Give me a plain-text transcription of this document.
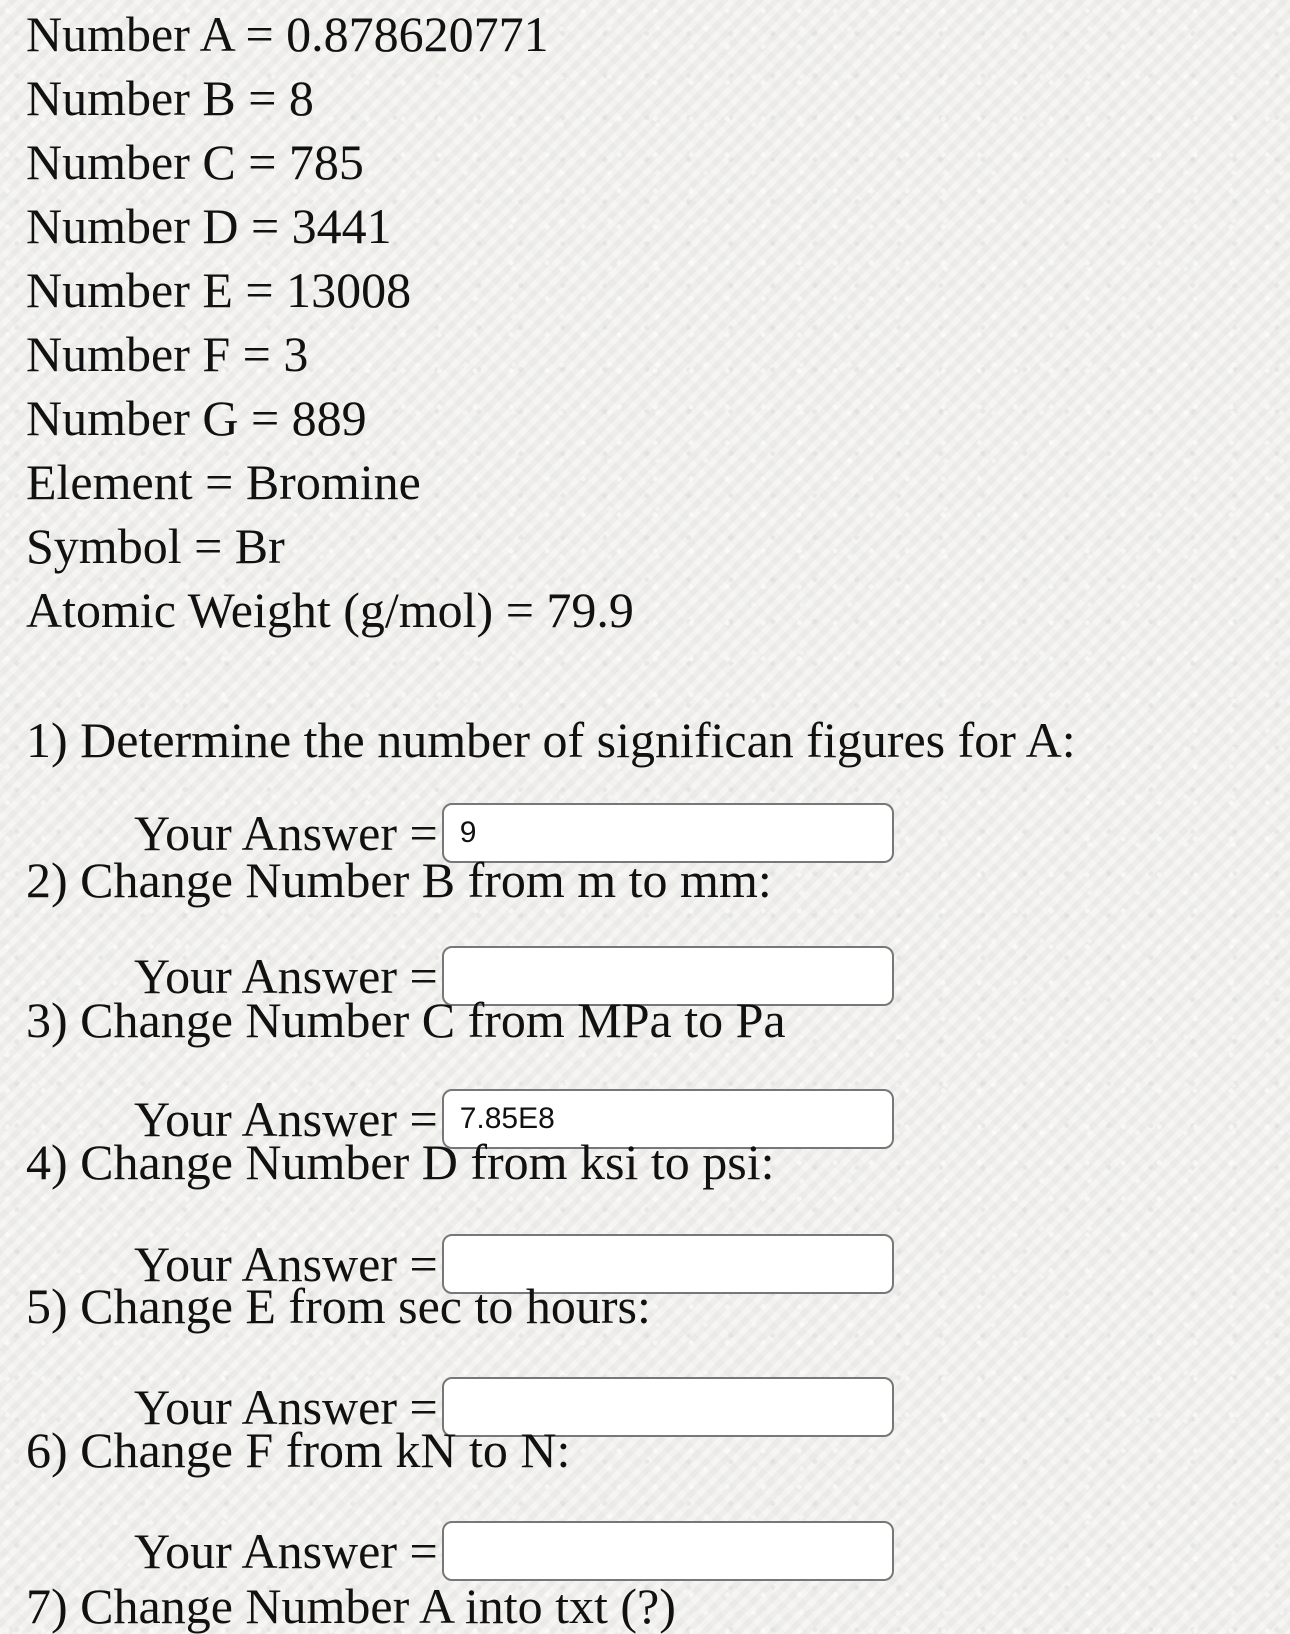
Number A = 0.878620771
Number B = 8
Number C = 785
Number D = 3441
Number E = 13008
Number F = 3
Number G = 889
Element = Bromine
Symbol = Br
Atomic Weight (g/mol) = 79.9
1) Determine the number of significan figures for A:
Your Answer =
9
2) Change Number B from m to mm:
Your Answer =
3) Change Number C from MPa to Pa
Your Answer =
7.85E8
4) Change Number D from ksi to psi:
Your Answer =
5) Change E from sec to hours:
Your Answer =
6) Change F from kN to N:
Your Answer =
7) Change Number A into txt (?)
